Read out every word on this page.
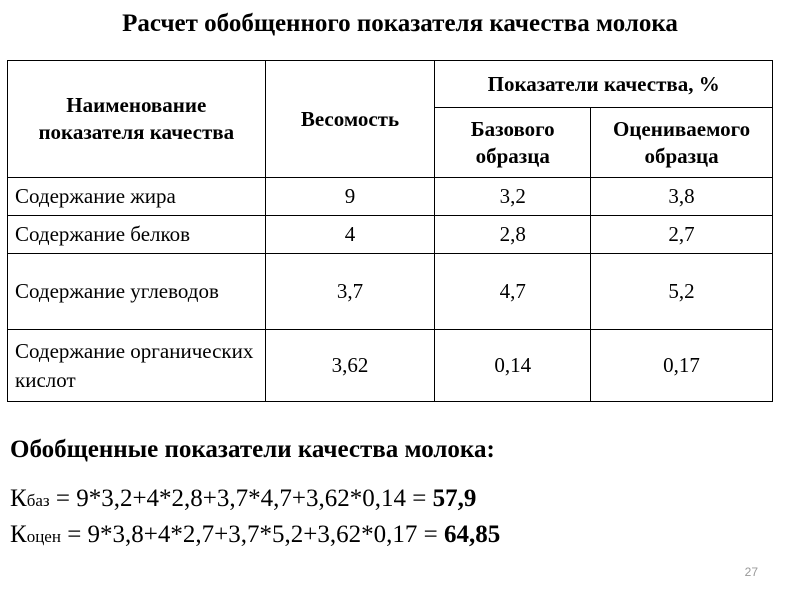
Расчет обобщенного показателя качества молока
Наименование показателя качества	Весомость	Показатели качества, %	
		Базового образца	Оцениваемого образца
Содержание жира	9	3,2	3,8
Содержание белков	4	2,8	2,7
Содержание углеводов	3,7	4,7	5,2
Содержание органических кислот	3,62	0,14	0,17
Обобщенные показатели качества молока:
Кбаз = 9*3,2+4*2,8+3,7*4,7+3,62*0,14 = 57,9
Коцен = 9*3,8+4*2,7+3,7*5,2+3,62*0,17 = 64,85
27
